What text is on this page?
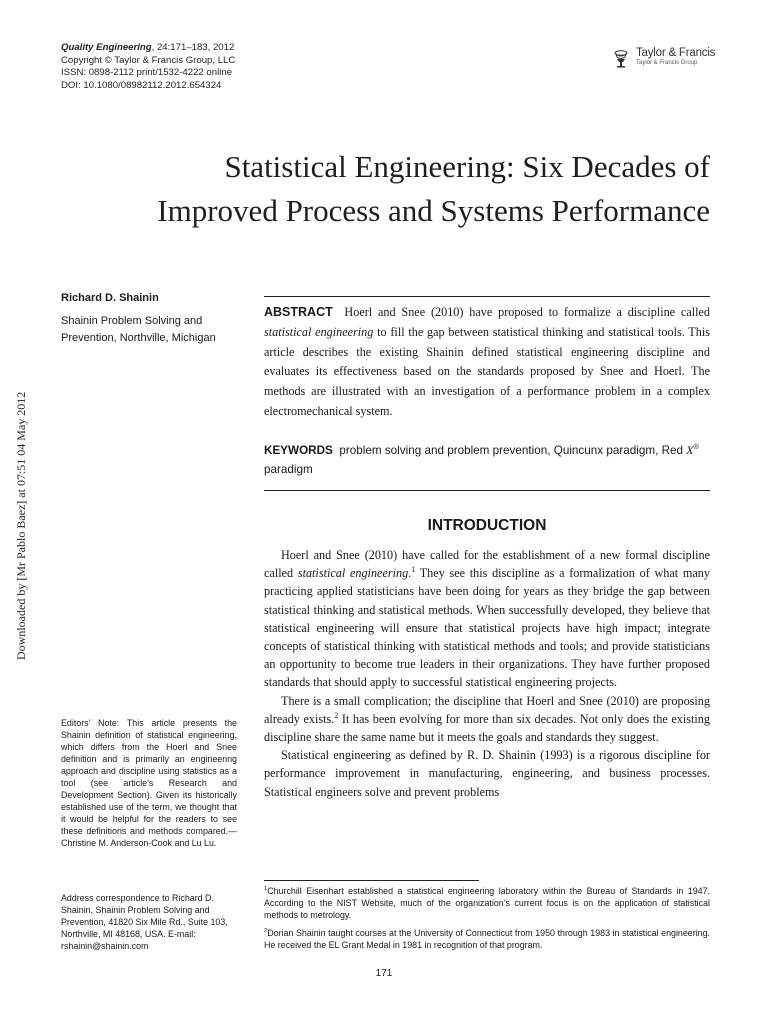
Quality Engineering, 24:171–183, 2012
Copyright © Taylor & Francis Group, LLC
ISSN: 0898-2112 print/1532-4222 online
DOI: 10.1080/08982112.2012.654324
Taylor & Francis
Taylor & Francis Group
Downloaded by [Mr Pablo Baez] at 07:51 04 May 2012
Statistical Engineering: Six Decades of Improved Process and Systems Performance
Richard D. Shainin
Shainin Problem Solving and Prevention, Northville, Michigan
ABSTRACT Hoerl and Snee (2010) have proposed to formalize a discipline called statistical engineering to fill the gap between statistical thinking and statistical tools. This article describes the existing Shainin defined statistical engineering discipline and evaluates its effectiveness based on the standards proposed by Snee and Hoerl. The methods are illustrated with an investigation of a performance problem in a complex electromechanical system.
KEYWORDS problem solving and problem prevention, Quincunx paradigm, Red X® paradigm
INTRODUCTION

Hoerl and Snee (2010) have called for the establishment of a new formal discipline called statistical engineering.$^1$ They see this discipline as a formalization of what many practicing applied statisticians have been doing for years as they bridge the gap between statistical thinking and statistical methods. When successfully developed, they believe that statistical engineering will ensure that statistical projects have high impact; integrate concepts of statistical thinking with statistical methods and tools; and provide statisticians an opportunity to become true leaders in their organizations. They have further proposed standards that should apply to successful statistical engineering projects.

There is a small complication; the discipline that Hoerl and Snee (2010) are proposing already exists.$^2$ It has been evolving for more than six decades. Not only does the existing discipline share the same name but it meets the goals and standards they suggest.

Statistical engineering as defined by R. D. Shainin (1993) is a rigorous discipline for performance improvement in manufacturing, engineering, and business processes. Statistical engineers solve and prevent problems

Editors’ Note: This article presents the Shainin definition of statistical engineering, which differs from the Hoerl and Snee definition and is primarily an engineering approach and discipline using statistics as a tool (see article’s Research and Development Section). Given its historically established use of the term, we thought that it would be helpful for the readers to see these definitions and methods compared.—Christine M. Anderson-Cook and Lu Lu.
Address correspondence to Richard D. Shainin, Shainin Problem Solving and Prevention, 41820 Six Mile Rd., Suite 103, Northville, MI 48168, USA. E-mail: rshainin@shainin.com

$^1$Churchill Eisenhart established a statistical engineering laboratory within the Bureau of Standards in 1947. According to the NIST Website, much of the organization’s current focus is on the application of statistical methods to metrology.

$^2$Dorian Shainin taught courses at the University of Connecticut from 1950 through 1983 in statistical engineering. He received the EL Grant Medal in 1981 in recognition of that program.

171
